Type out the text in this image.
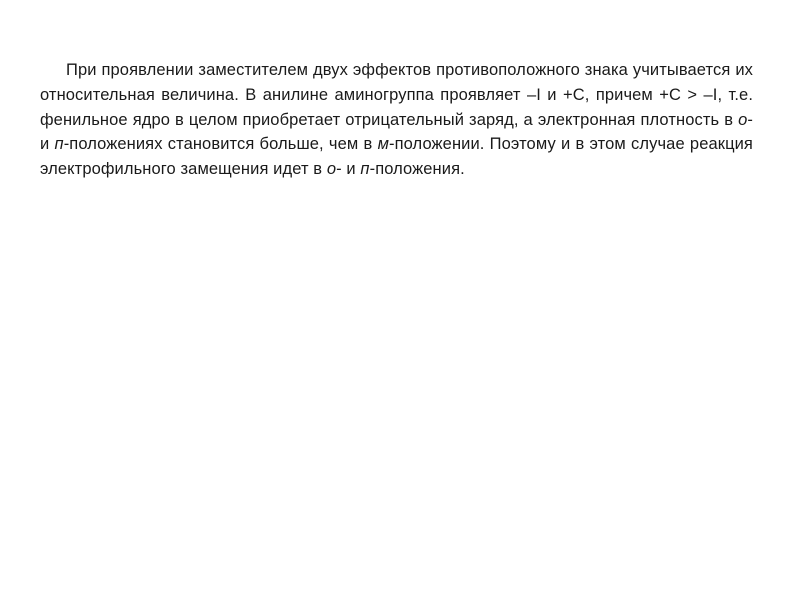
При проявлении заместителем двух эффектов противоположного знака учитывается их относительная величина. В анилине аминогруппа проявляет –I и +С, причем +С > –I, т.е. фенильное ядро в целом приобретает отрицательный заряд, а электронная плотность в о- и п-положениях становится больше, чем в м-положении. Поэтому и в этом случае реакция электрофильного замещения идет в о- и п-положения.
